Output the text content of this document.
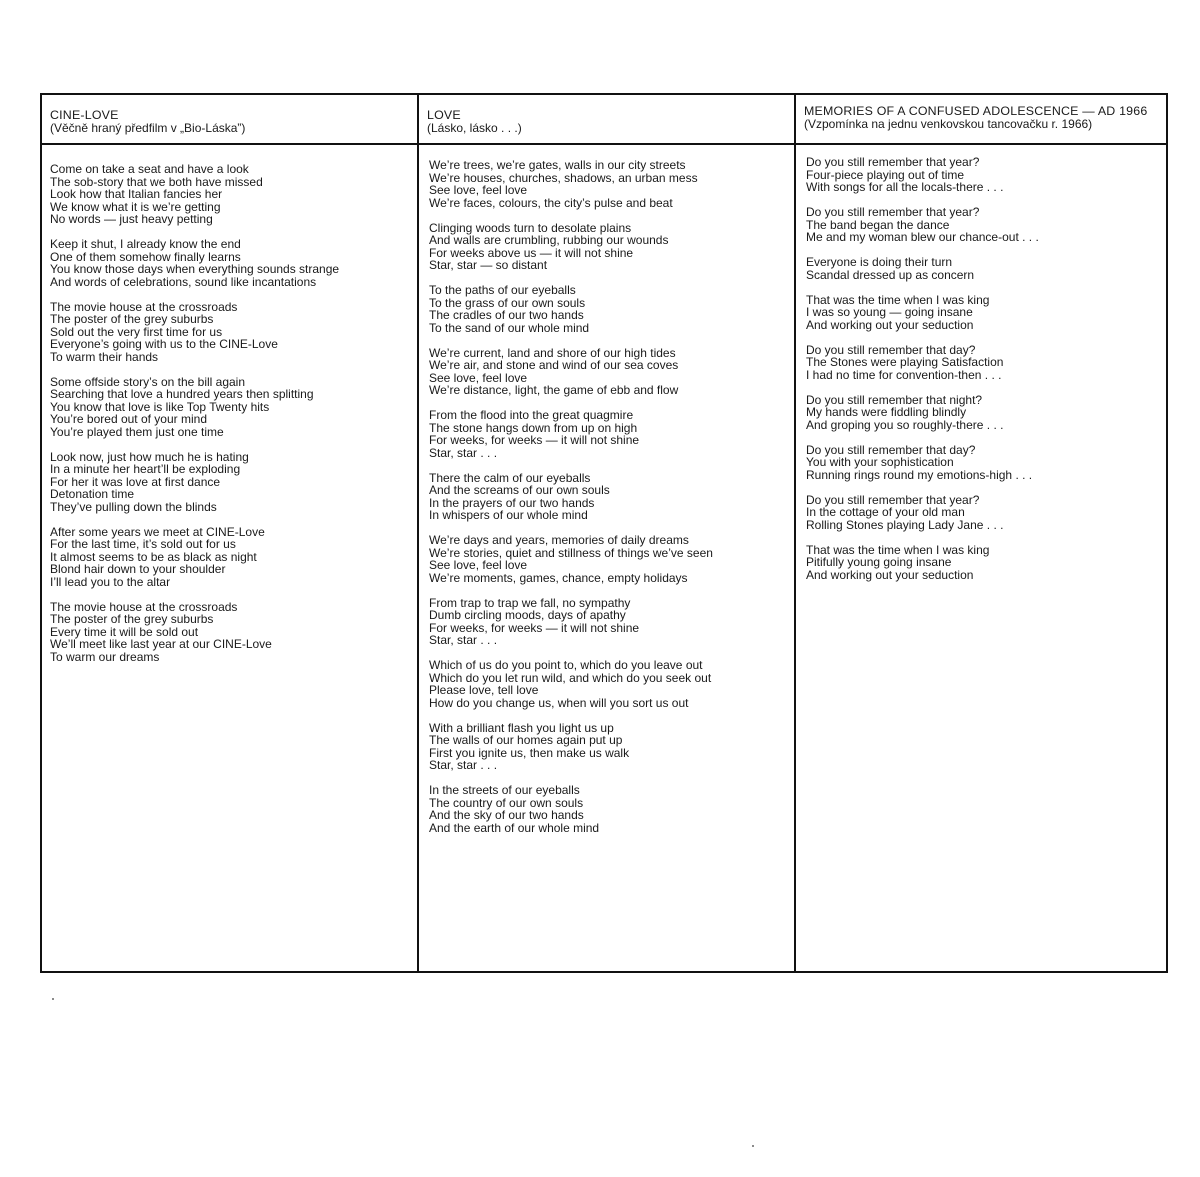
CINE-LOVE
(Věčně hraný předfilm v „Bio-Láska”)
Come on take a seat and have a look
The sob-story that we both have missed
Look how that Italian fancies her
We know what it is we’re getting
No words — just heavy petting
Keep it shut, I already know the end
One of them somehow finally learns
You know those days when everything sounds strange
And words of celebrations, sound like incantations
The movie house at the crossroads
The poster of the grey suburbs
Sold out the very first time for us
Everyone’s going with us to the CINE-Love
To warm their hands
Some offside story’s on the bill again
Searching that love a hundred years then splitting
You know that love is like Top Twenty hits
You’re bored out of your mind
You’re played them just one time
Look now, just how much he is hating
In a minute her heart’ll be exploding
For her it was love at first dance
Detonation time
They’ve pulling down the blinds
After some years we meet at CINE-Love
For the last time, it’s sold out for us
It almost seems to be as black as night
Blond hair down to your shoulder
I’ll lead you to the altar
The movie house at the crossroads
The poster of the grey suburbs
Every time it will be sold out
We’ll meet like last year at our CINE-Love
To warm our dreams
LOVE
(Lásko, lásko . . .)
We’re trees, we’re gates, walls in our city streets
We’re houses, churches, shadows, an urban mess
See love, feel love
We’re faces, colours, the city’s pulse and beat
Clinging woods turn to desolate plains
And walls are crumbling, rubbing our wounds
For weeks above us — it will not shine
Star, star — so distant
To the paths of our eyeballs
To the grass of our own souls
The cradles of our two hands
To the sand of our whole mind
We’re current, land and shore of our high tides
We’re air, and stone and wind of our sea coves
See love, feel love
We’re distance, light, the game of ebb and flow
From the flood into the great quagmire
The stone hangs down from up on high
For weeks, for weeks — it will not shine
Star, star . . .
There the calm of our eyeballs
And the screams of our own souls
In the prayers of our two hands
In whispers of our whole mind
We’re days and years, memories of daily dreams
We’re stories, quiet and stillness of things we’ve seen
See love, feel love
We’re moments, games, chance, empty holidays
From trap to trap we fall, no sympathy
Dumb circling moods, days of apathy
For weeks, for weeks — it will not shine
Star, star . . .
Which of us do you point to, which do you leave out
Which do you let run wild, and which do you seek out
Please love, tell love
How do you change us, when will you sort us out
With a brilliant flash you light us up
The walls of our homes again put up
First you ignite us, then make us walk
Star, star . . .
In the streets of our eyeballs
The country of our own souls
And the sky of our two hands
And the earth of our whole mind
MEMORIES OF A CONFUSED ADOLESCENCE — AD 1966
(Vzpomínka na jednu venkovskou tancovačku r. 1966)
Do you still remember that year?
Four-piece playing out of time
With songs for all the locals-there . . .
Do you still remember that year?
The band began the dance
Me and my woman blew our chance-out . . .
Everyone is doing their turn
Scandal dressed up as concern
That was the time when I was king
I was so young — going insane
And working out your seduction
Do you still remember that day?
The Stones were playing Satisfaction
I had no time for convention-then . . .
Do you still remember that night?
My hands were fiddling blindly
And groping you so roughly-there . . .
Do you still remember that day?
You with your sophistication
Running rings round my emotions-high . . .
Do you still remember that year?
In the cottage of your old man
Rolling Stones playing Lady Jane . . .
That was the time when I was king
Pitifully young going insane
And working out your seduction
